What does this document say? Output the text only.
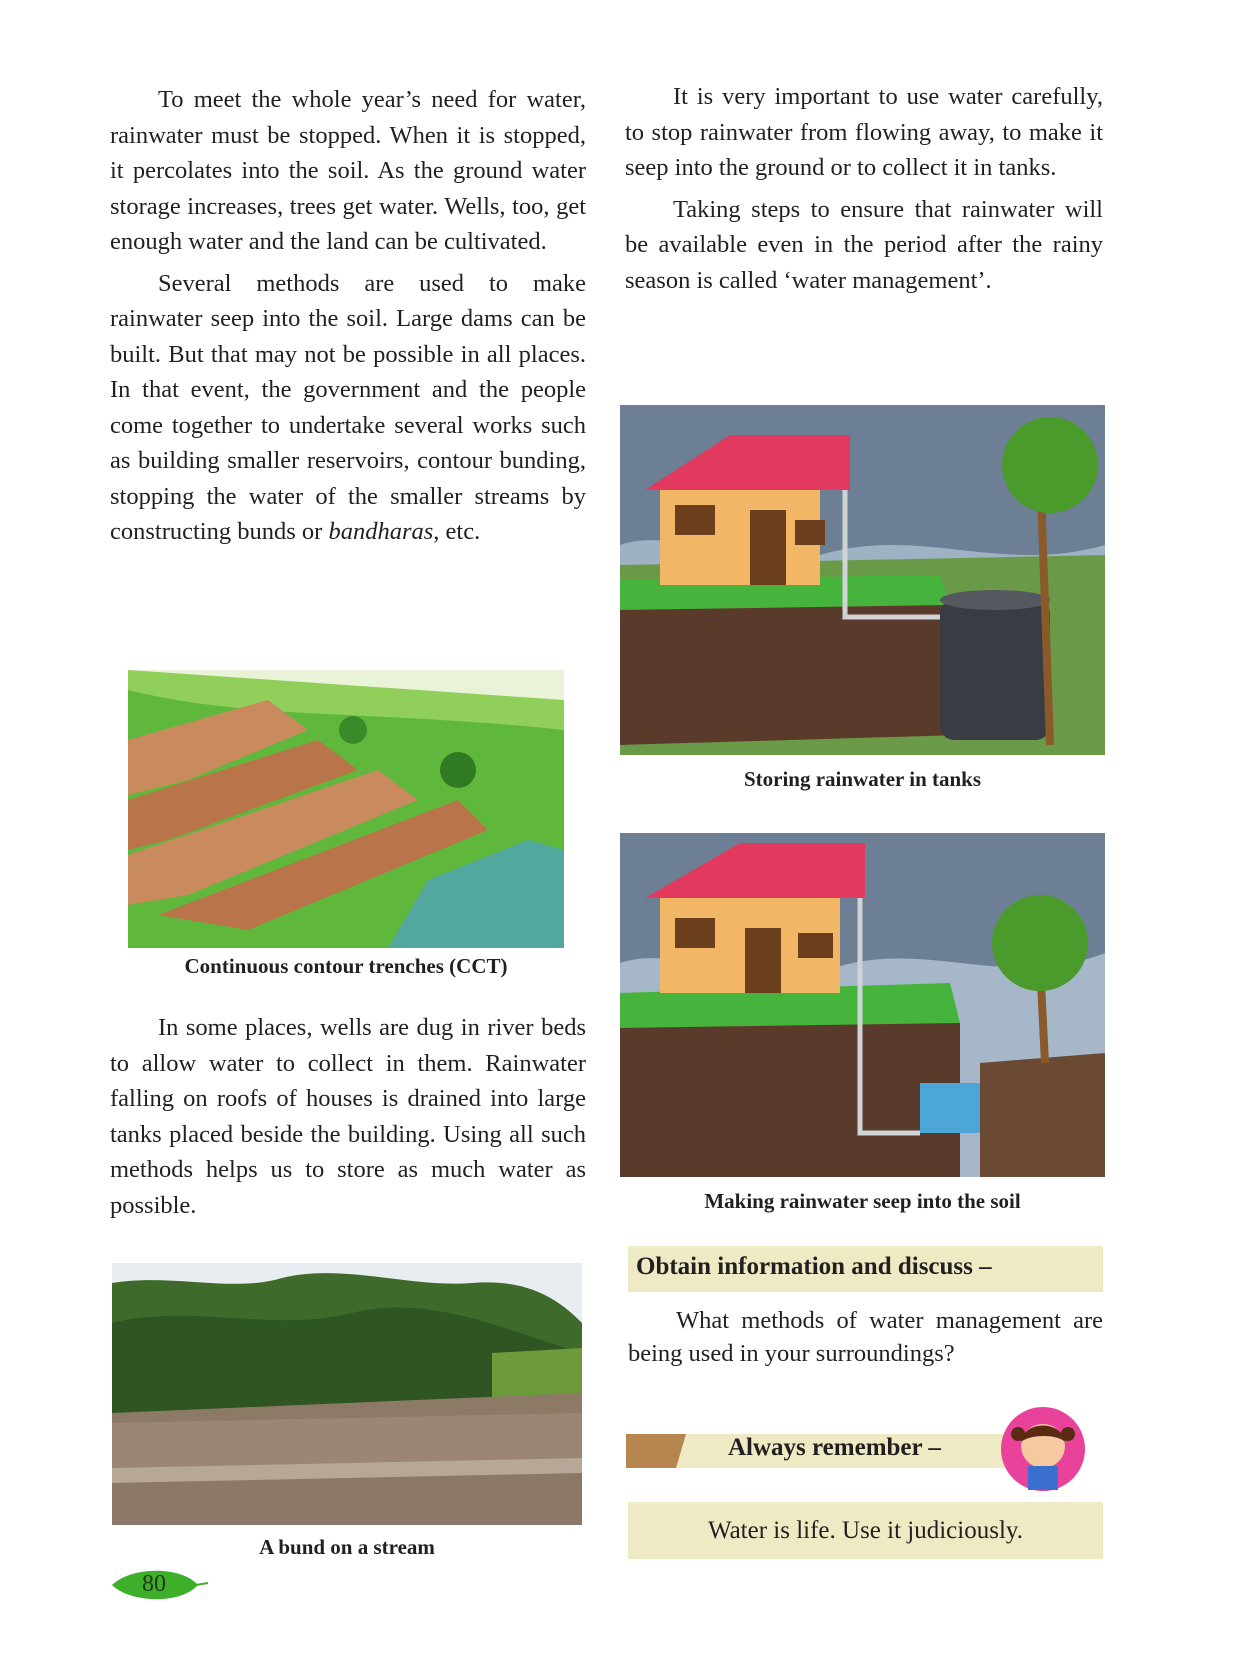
To meet the whole year’s need for water, rainwater must be stopped. When it is stopped, it percolates into the soil. As the ground water storage increases, trees get water. Wells, too, get enough water and the land can be cultivated.

Several methods are used to make rainwater seep into the soil. Large dams can be built. But that may not be possible in all places. In that event, the government and the people come together to undertake several works such as building smaller reservoirs, contour bunding, stopping the water of the smaller streams by constructing bunds or bandharas, etc.

Continuous contour trenches (CCT)

In some places, wells are dug in river beds to allow water to collect in them. Rainwater falling on roofs of houses is drained into large tanks placed beside the building. Using all such methods helps us to store as much water as possible.

A bund on a stream
80

It is very important to use water carefully, to stop rainwater from flowing away, to make it seep into the ground or to collect it in tanks.

Taking steps to ensure that rainwater will be available even in the period after the rainy season is called ‘water management’.

Storing rainwater in tanks
Making rainwater seep into the soil
Obtain information and discuss –

What methods of water management are being used in your surroundings?

Always remember –
Water is life. Use it judiciously.
